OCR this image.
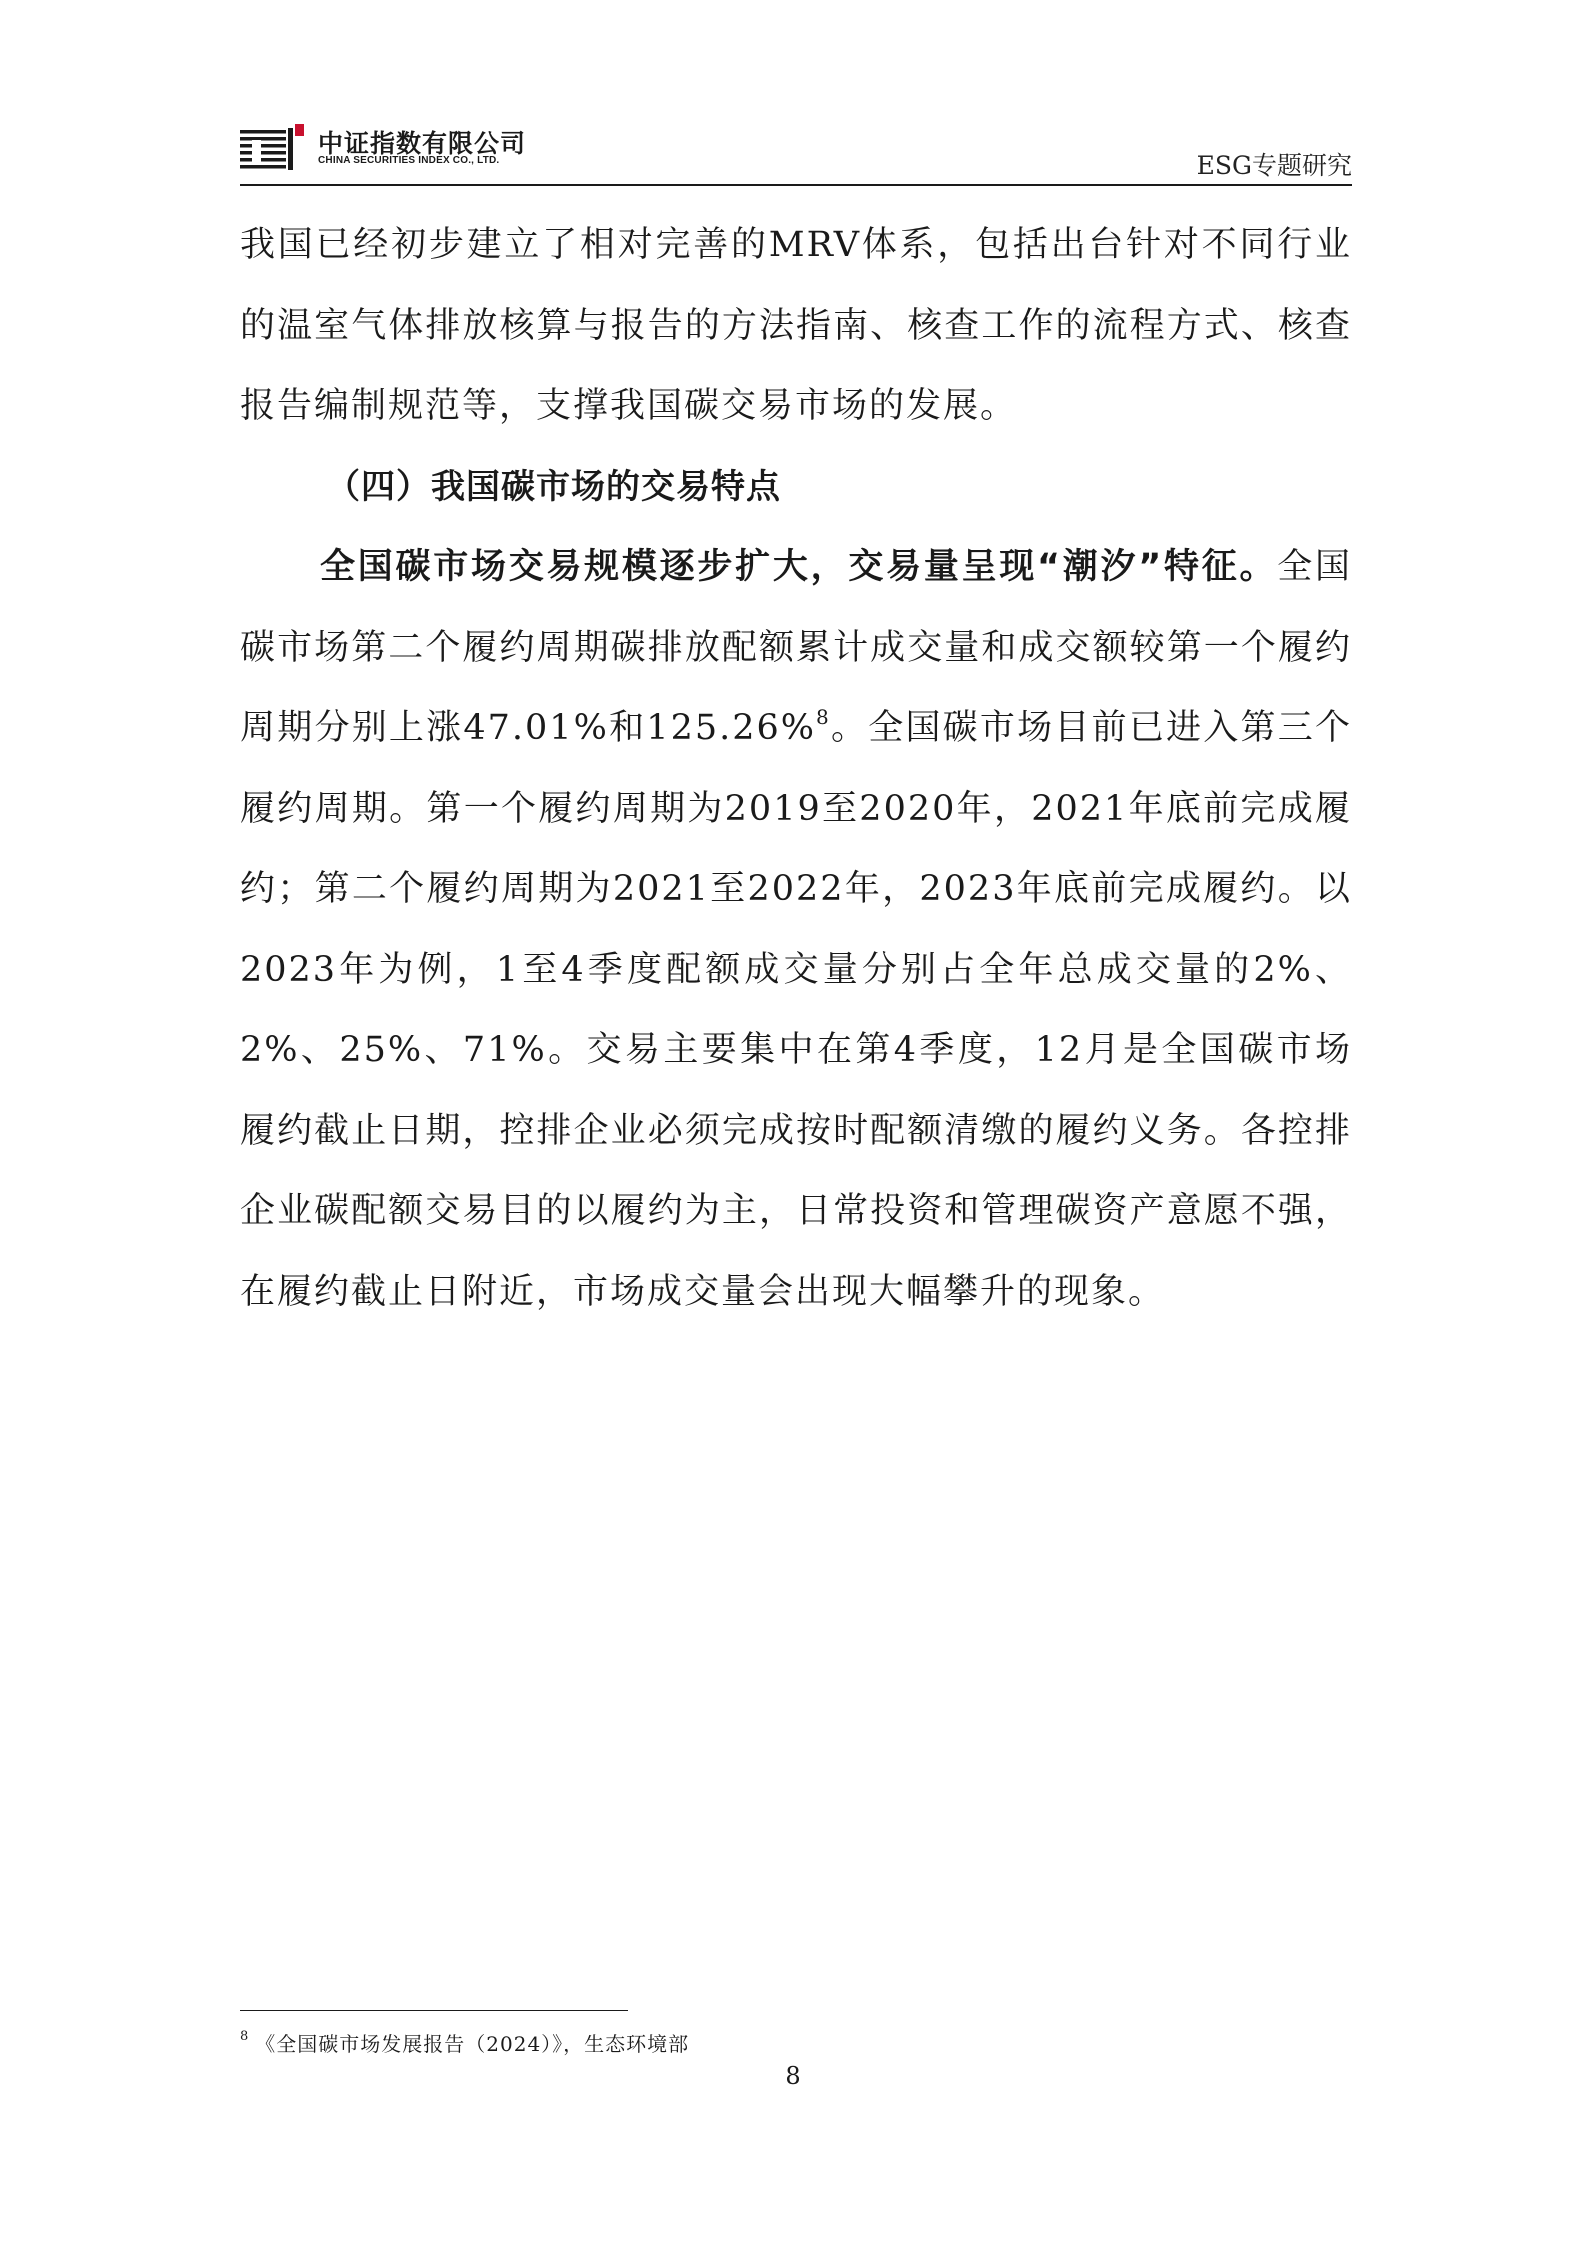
中证指数有限公司
CHINA SECURITIES INDEX CO., LTD.	ESG专题研究

我国已经初步建立了相对完善的MRV体系，包括出台针对不同行业的温室气体排放核算与报告的方法指南、核查工作的流程方式、核查报告编制规范等，支撑我国碳交易市场的发展。

（四）我国碳市场的交易特点

全国碳市场交易规模逐步扩大，交易量呈现“潮汐”特征。全国碳市场第二个履约周期碳排放配额累计成交量和成交额较第一个履约周期分别上涨47.01%和125.26%$^8$。全国碳市场目前已进入第三个履约周期。第一个履约周期为2019至2020年，2021年底前完成履约；第二个履约周期为2021至2022年，2023年底前完成履约。以2023年为例，1至4季度配额成交量分别占全年总成交量的2%、2%、25%、71%。交易主要集中在第4季度，12月是全国碳市场履约截止日期，控排企业必须完成按时配额清缴的履约义务。各控排企业碳配额交易目的以履约为主，日常投资和管理碳资产意愿不强，在履约截止日附近，市场成交量会出现大幅攀升的现象。

$^8$ 《全国碳市场发展报告（2024）》，生态环境部
8
